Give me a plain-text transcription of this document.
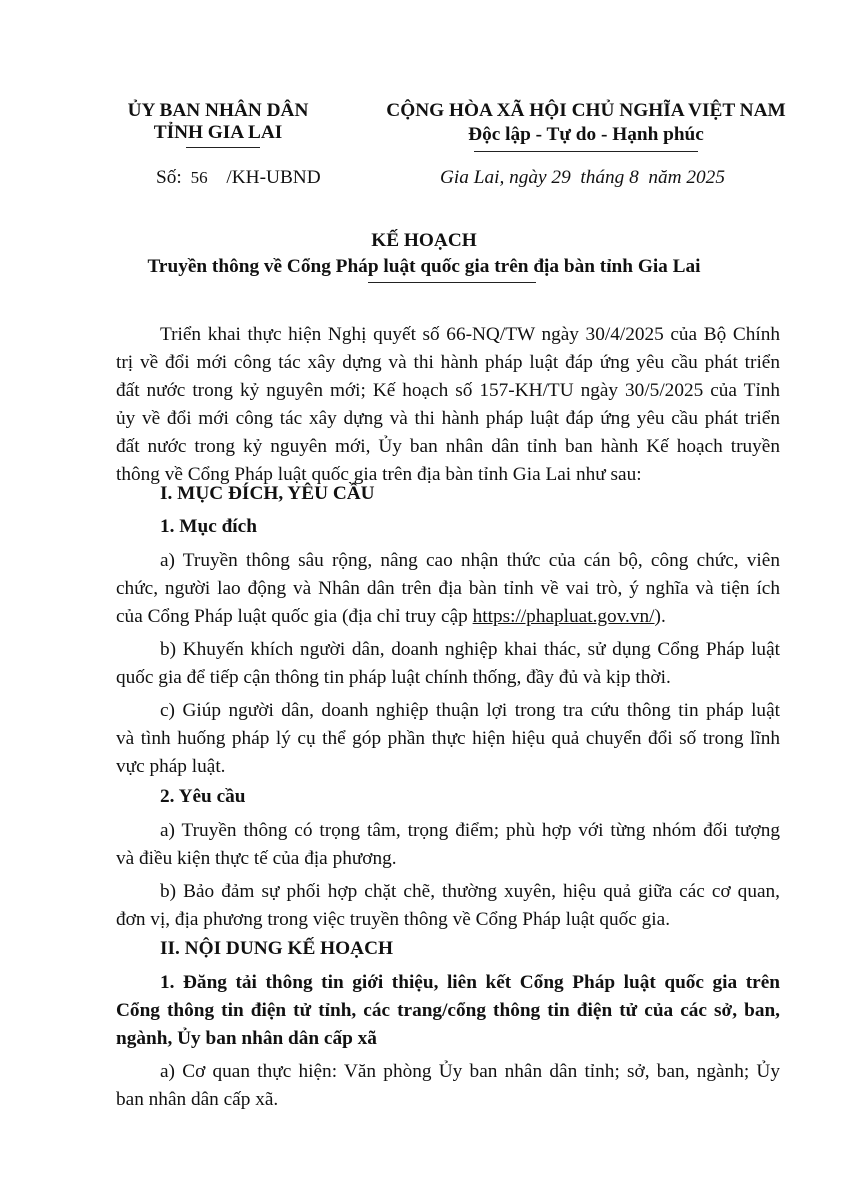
ỦY BAN NHÂN DÂN
TỈNH GIA LAI
CỘNG HÒA XÃ HỘI CHỦ NGHĨA VIỆT NAM
Độc lập - Tự do - Hạnh phúc
Số: 56 /KH-UBND	Gia Lai, ngày 29 tháng 8 năm 2025
KẾ HOẠCH
Truyền thông về Cổng Pháp luật quốc gia trên địa bàn tỉnh Gia Lai
Triển khai thực hiện Nghị quyết số 66-NQ/TW ngày 30/4/2025 của Bộ Chính
trị về đổi mới công tác xây dựng và thi hành pháp luật đáp ứng yêu cầu phát triển
đất nước trong kỷ nguyên mới; Kế hoạch số 157-KH/TU ngày 30/5/2025 của Tỉnh
ủy về đổi mới công tác xây dựng và thi hành pháp luật đáp ứng yêu cầu phát triển
đất nước trong kỷ nguyên mới, Ủy ban nhân dân tỉnh ban hành Kế hoạch truyền
thông về Cổng Pháp luật quốc gia trên địa bàn tỉnh Gia Lai như sau:
I. MỤC ĐÍCH, YÊU CẦU
1. Mục đích
a) Truyền thông sâu rộng, nâng cao nhận thức của cán bộ, công chức, viên
chức, người lao động và Nhân dân trên địa bàn tỉnh về vai trò, ý nghĩa và tiện ích
của Cổng Pháp luật quốc gia (địa chỉ truy cập https://phapluat.gov.vn/).
b) Khuyến khích người dân, doanh nghiệp khai thác, sử dụng Cổng Pháp luật
quốc gia để tiếp cận thông tin pháp luật chính thống, đầy đủ và kịp thời.
c) Giúp người dân, doanh nghiệp thuận lợi trong tra cứu thông tin pháp luật
và tình huống pháp lý cụ thể góp phần thực hiện hiệu quả chuyển đổi số trong lĩnh
vực pháp luật.
2. Yêu cầu
a) Truyền thông có trọng tâm, trọng điểm; phù hợp với từng nhóm đối tượng
và điều kiện thực tế của địa phương.
b) Bảo đảm sự phối hợp chặt chẽ, thường xuyên, hiệu quả giữa các cơ quan,
đơn vị, địa phương trong việc truyền thông về Cổng Pháp luật quốc gia.
II. NỘI DUNG KẾ HOẠCH
1. Đăng tải thông tin giới thiệu, liên kết Cổng Pháp luật quốc gia trên
Cổng thông tin điện tử tỉnh, các trang/cổng thông tin điện tử của các sở, ban,
ngành, Ủy ban nhân dân cấp xã
a) Cơ quan thực hiện: Văn phòng Ủy ban nhân dân tỉnh; sở, ban, ngành; Ủy
ban nhân dân cấp xã.
